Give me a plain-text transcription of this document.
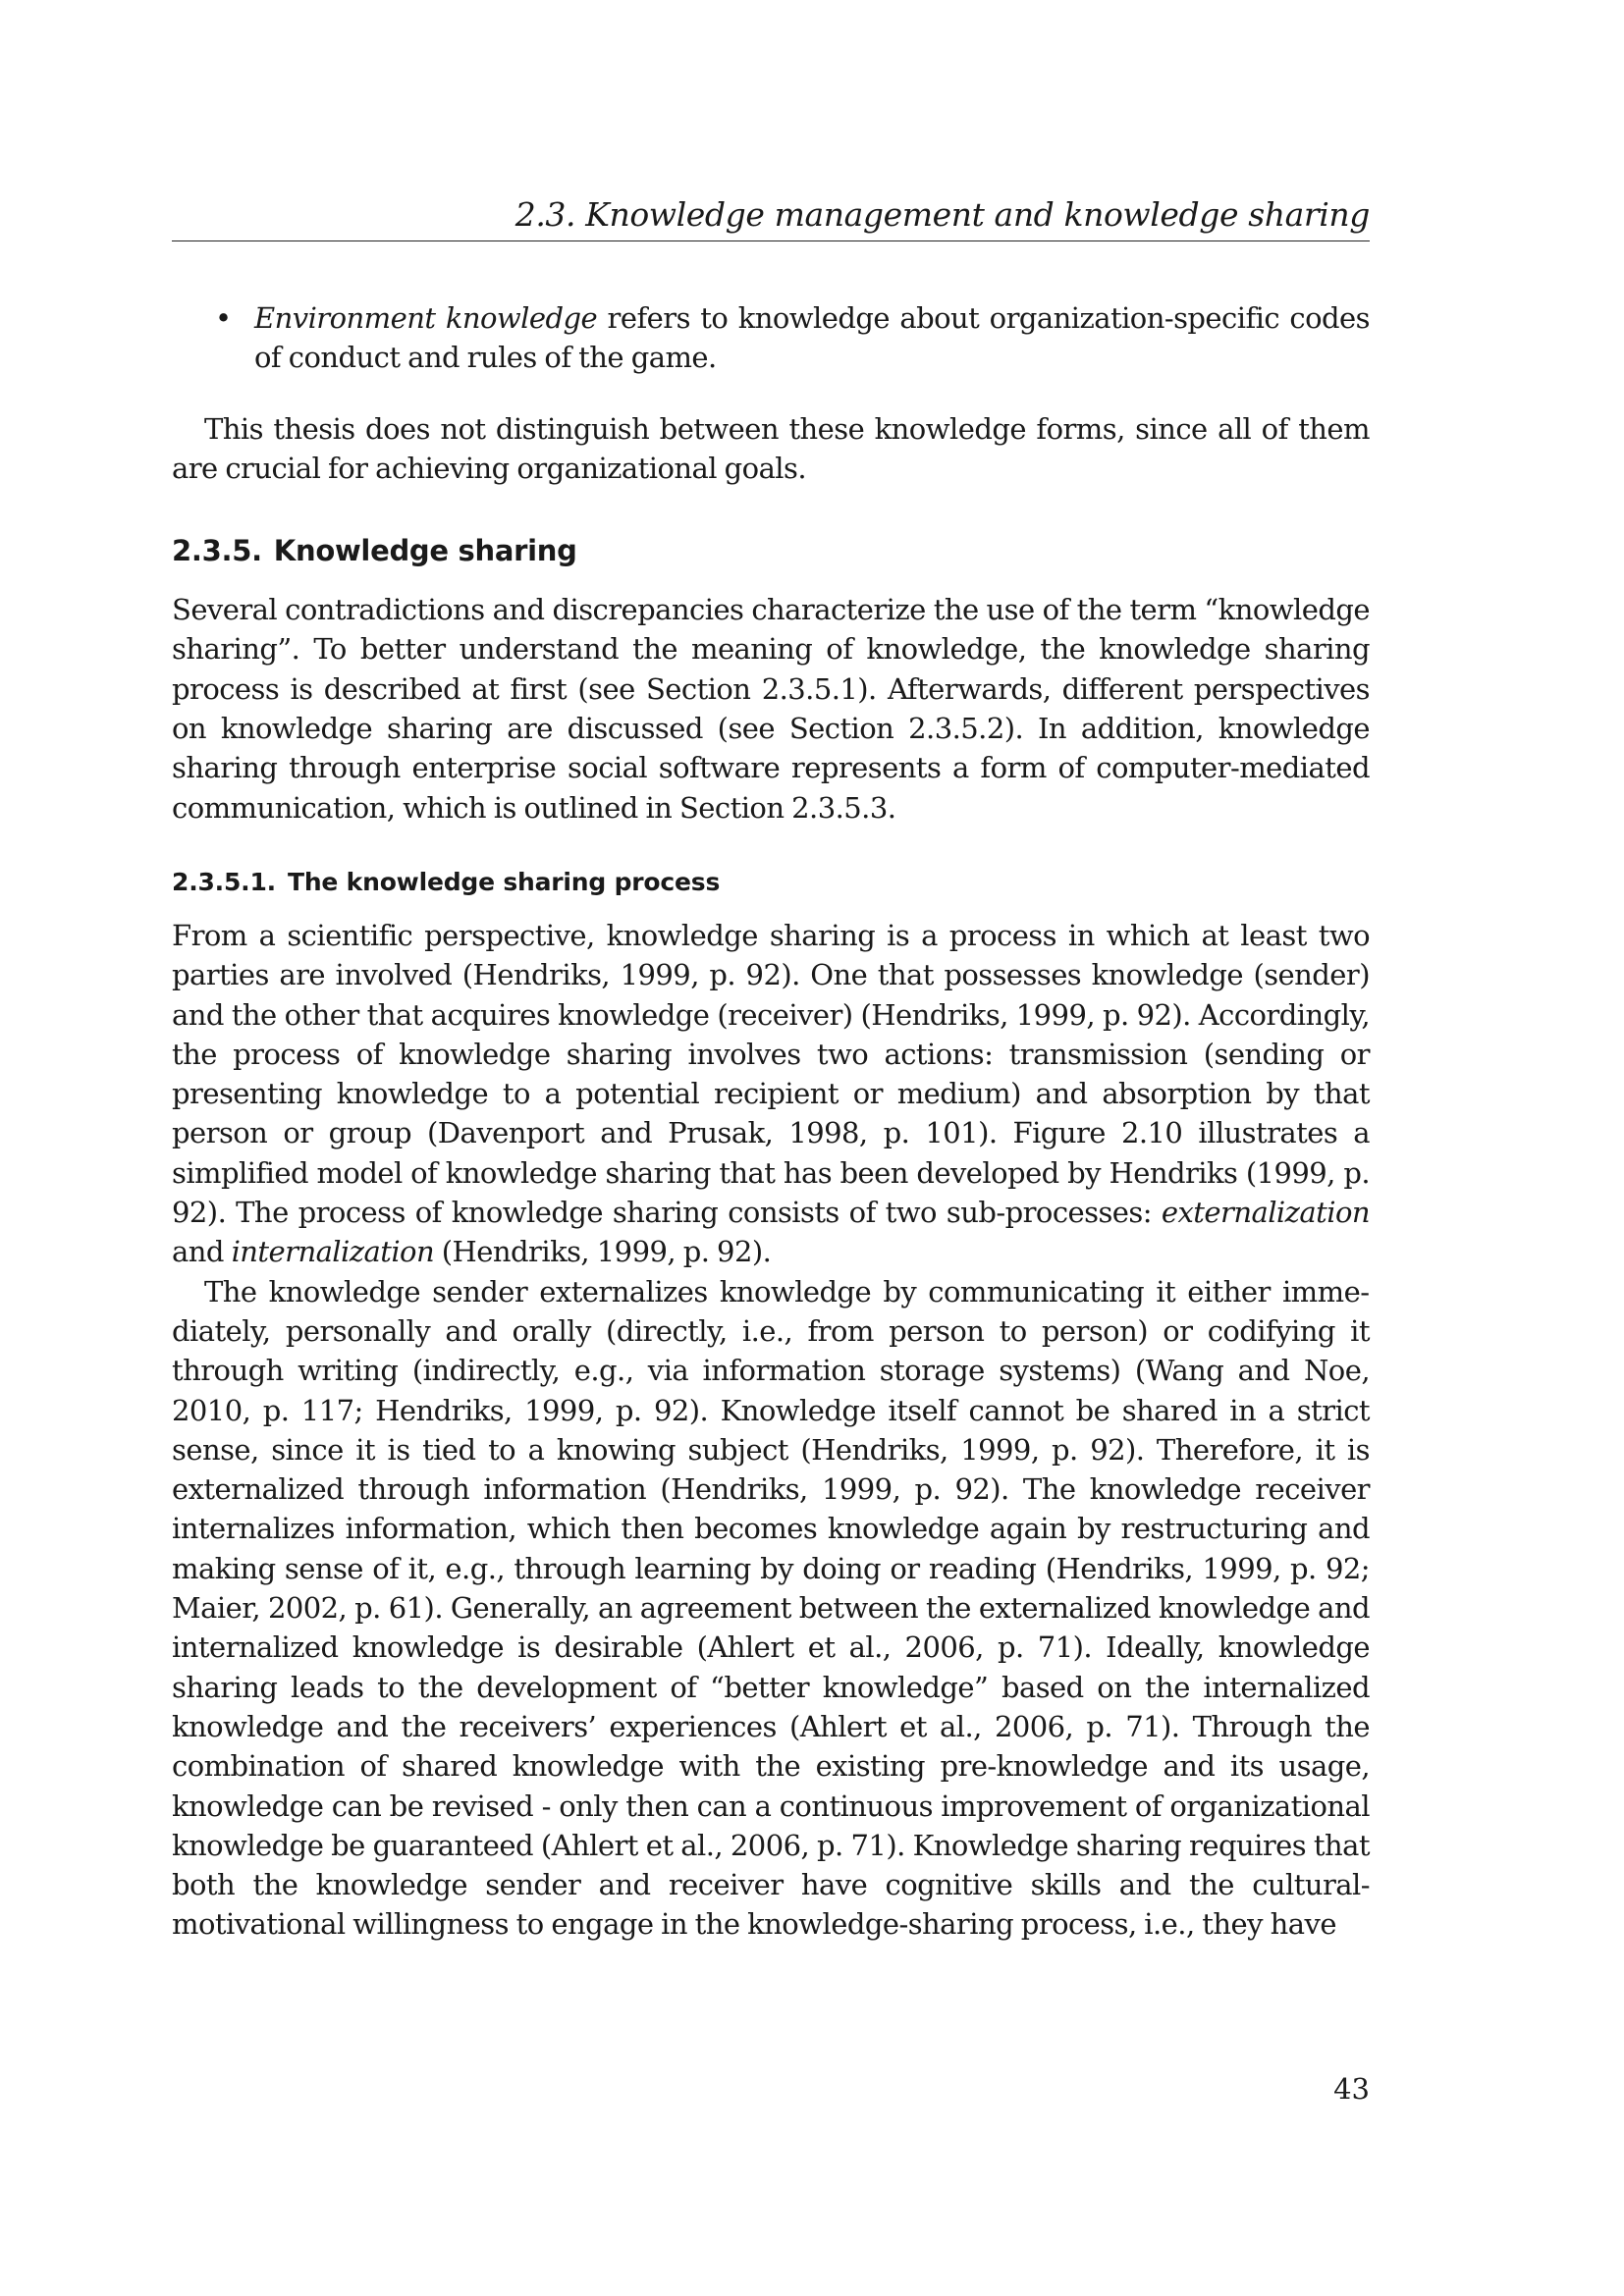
2.3. Knowledge management and knowledge sharing
• Environment knowledge refers to knowledge about organization-specific codes of conduct and rules of the game.

This thesis does not distinguish between these knowledge forms, since all of them are crucial for achieving organizational goals.

2.3.5. Knowledge sharing

Several contradictions and discrepancies characterize the use of the term “knowledge sharing”. To better understand the meaning of knowledge, the knowledge sharing process is described at first (see Section 2.3.5.1). Afterwards, different perspectives on knowledge sharing are discussed (see Section 2.3.5.2). In addition, knowledge sharing through enterprise social software represents a form of computer-mediated communication, which is outlined in Section 2.3.5.3.

2.3.5.1. The knowledge sharing process

From a scientific perspective, knowledge sharing is a process in which at least two parties are involved (Hendriks, 1999, p. 92). One that possesses knowledge (sender) and the other that acquires knowledge (receiver) (Hendriks, 1999, p. 92). Accordingly, the process of knowledge sharing involves two actions: transmission (sending or presenting knowledge to a potential recipient or medium) and absorption by that person or group (Davenport and Prusak, 1998, p. 101). Figure 2.10 illustrates a simplified model of knowledge sharing that has been developed by Hendriks (1999, p. 92). The process of knowledge sharing consists of two sub-processes: externalization and internalization (Hendriks, 1999, p. 92).

The knowledge sender externalizes knowledge by communicating it either immediately, personally and orally (directly, i.e., from person to person) or codifying it through writing (indirectly, e.g., via information storage systems) (Wang and Noe, 2010, p. 117; Hendriks, 1999, p. 92). Knowledge itself cannot be shared in a strict sense, since it is tied to a knowing subject (Hendriks, 1999, p. 92). Therefore, it is externalized through information (Hendriks, 1999, p. 92). The knowledge receiver internalizes information, which then becomes knowledge again by restructuring and making sense of it, e.g., through learning by doing or reading (Hendriks, 1999, p. 92; Maier, 2002, p. 61). Generally, an agreement between the externalized knowledge and internalized knowledge is desirable (Ahlert et al., 2006, p. 71). Ideally, knowledge sharing leads to the development of “better knowledge” based on the internalized knowledge and the receivers’ experiences (Ahlert et al., 2006, p. 71). Through the combination of shared knowledge with the existing pre-knowledge and its usage, knowledge can be revised - only then can a continuous improvement of organizational knowledge be guaranteed (Ahlert et al., 2006, p. 71). Knowledge sharing requires that both the knowledge sender and receiver have cognitive skills and the cultural-motivational willingness to engage in the knowledge-sharing process, i.e., they have

43
